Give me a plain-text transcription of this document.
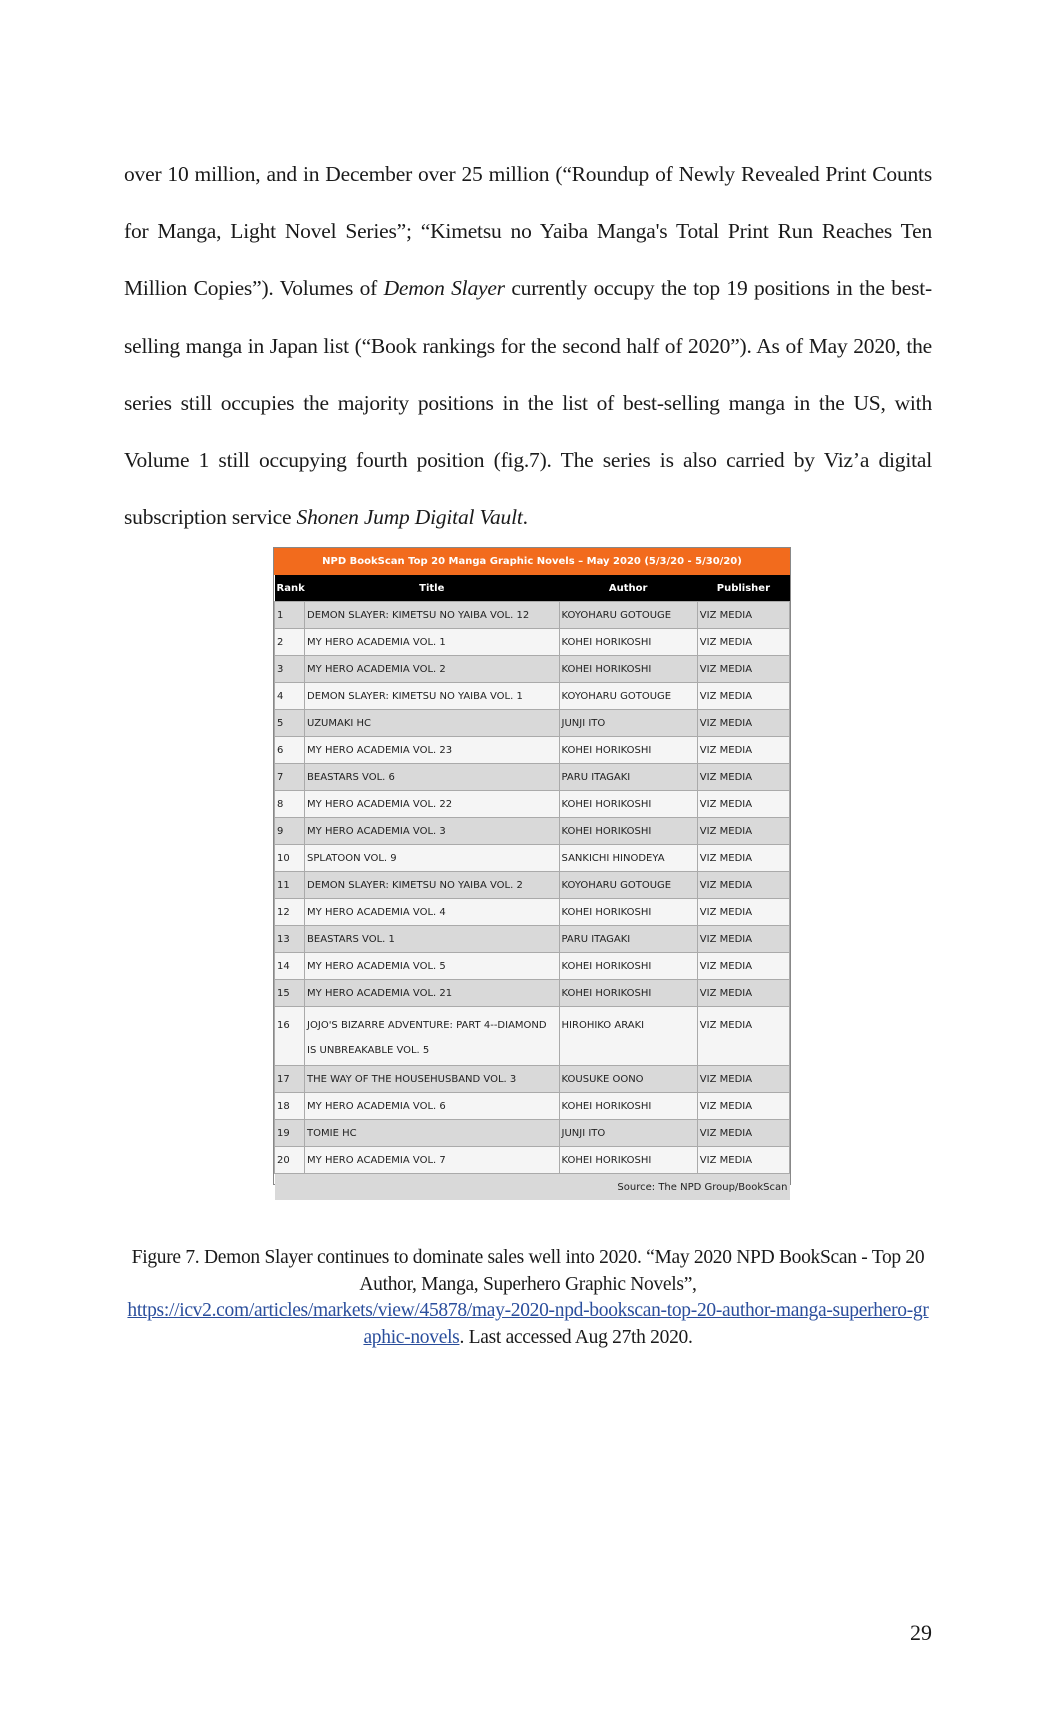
over 10 million, and in December over 25 million (“Roundup of Newly Revealed Print Counts for Manga, Light Novel Series”; “Kimetsu no Yaiba Manga's Total Print Run Reaches Ten Million Copies”). Volumes of Demon Slayer currently occupy the top 19 positions in the best-selling manga in Japan list (“Book rankings for the second half of 2020”). As of May 2020, the series still occupies the majority positions in the list of best-selling manga in the US, with Volume 1 still occupying fourth position (fig.7). The series is also carried by Viz’a digital subscription service Shonen Jump Digital Vault.

NPD BookScan Top 20 Manga Graphic Novels – May 2020 (5/3/20 - 5/30/20)
Rank	Title	Author	Publisher
1	DEMON SLAYER: KIMETSU NO YAIBA VOL. 12	KOYOHARU GOTOUGE	VIZ MEDIA
2	MY HERO ACADEMIA VOL. 1	KOHEI HORIKOSHI	VIZ MEDIA
3	MY HERO ACADEMIA VOL. 2	KOHEI HORIKOSHI	VIZ MEDIA
4	DEMON SLAYER: KIMETSU NO YAIBA VOL. 1	KOYOHARU GOTOUGE	VIZ MEDIA
5	UZUMAKI HC	JUNJI ITO	VIZ MEDIA
6	MY HERO ACADEMIA VOL. 23	KOHEI HORIKOSHI	VIZ MEDIA
7	BEASTARS VOL. 6	PARU ITAGAKI	VIZ MEDIA
8	MY HERO ACADEMIA VOL. 22	KOHEI HORIKOSHI	VIZ MEDIA
9	MY HERO ACADEMIA VOL. 3	KOHEI HORIKOSHI	VIZ MEDIA
10	SPLATOON VOL. 9	SANKICHI HINODEYA	VIZ MEDIA
11	DEMON SLAYER: KIMETSU NO YAIBA VOL. 2	KOYOHARU GOTOUGE	VIZ MEDIA
12	MY HERO ACADEMIA VOL. 4	KOHEI HORIKOSHI	VIZ MEDIA
13	BEASTARS VOL. 1	PARU ITAGAKI	VIZ MEDIA
14	MY HERO ACADEMIA VOL. 5	KOHEI HORIKOSHI	VIZ MEDIA
15	MY HERO ACADEMIA VOL. 21	KOHEI HORIKOSHI	VIZ MEDIA
16	JOJO'S BIZARRE ADVENTURE: PART 4--DIAMOND IS UNBREAKABLE VOL. 5	HIROHIKO ARAKI	VIZ MEDIA
17	THE WAY OF THE HOUSEHUSBAND VOL. 3	KOUSUKE OONO	VIZ MEDIA
18	MY HERO ACADEMIA VOL. 6	KOHEI HORIKOSHI	VIZ MEDIA
19	TOMIE HC	JUNJI ITO	VIZ MEDIA
20	MY HERO ACADEMIA VOL. 7	KOHEI HORIKOSHI	VIZ MEDIA
Source: The NPD Group/BookScan			
Figure 7. Demon Slayer continues to dominate sales well into 2020. “May 2020 NPD BookScan - Top 20 Author, Manga, Superhero Graphic Novels”,
https://icv2.com/articles/markets/view/45878/may-2020-npd-bookscan-top-20-author-manga-superhero-graphic-novels. Last accessed Aug 27th 2020.
29
